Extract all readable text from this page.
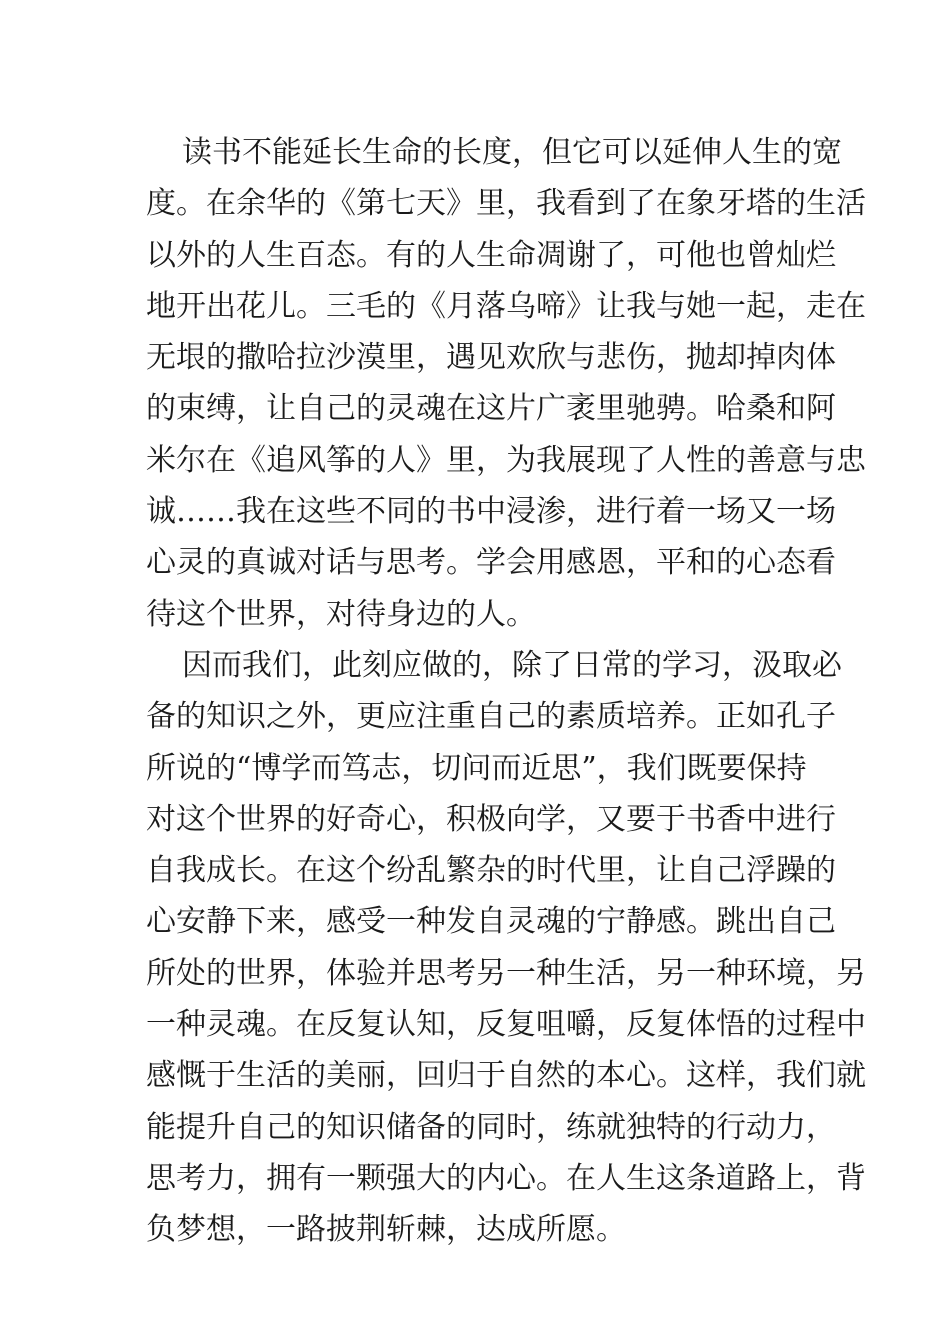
读书不能延长生命的长度，但它可以延伸人生的宽
度。在余华的《第七天》里，我看到了在象牙塔的生活
以外的人生百态。有的人生命凋谢了，可他也曾灿烂
地开出花儿。三毛的《月落乌啼》让我与她一起，走在
无垠的撒哈拉沙漠里，遇见欢欣与悲伤，抛却掉肉体
的束缚，让自己的灵魂在这片广袤里驰骋。哈桑和阿
米尔在《追风筝的人》里，为我展现了人性的善意与忠
诚……我在这些不同的书中浸渗，进行着一场又一场
心灵的真诚对话与思考。学会用感恩，平和的心态看
待这个世界，对待身边的人。
因而我们，此刻应做的，除了日常的学习，汲取必
备的知识之外，更应注重自己的素质培养。正如孔子
所说的“博学而笃志，切问而近思”，我们既要保持
对这个世界的好奇心，积极向学，又要于书香中进行
自我成长。在这个纷乱繁杂的时代里，让自己浮躁的
心安静下来，感受一种发自灵魂的宁静感。跳出自己
所处的世界，体验并思考另一种生活，另一种环境，另
一种灵魂。在反复认知，反复咀嚼，反复体悟的过程中
感慨于生活的美丽，回归于自然的本心。这样，我们就
能提升自己的知识储备的同时，练就独特的行动力，
思考力，拥有一颗强大的内心。在人生这条道路上，背
负梦想，一路披荆斩棘，达成所愿。
